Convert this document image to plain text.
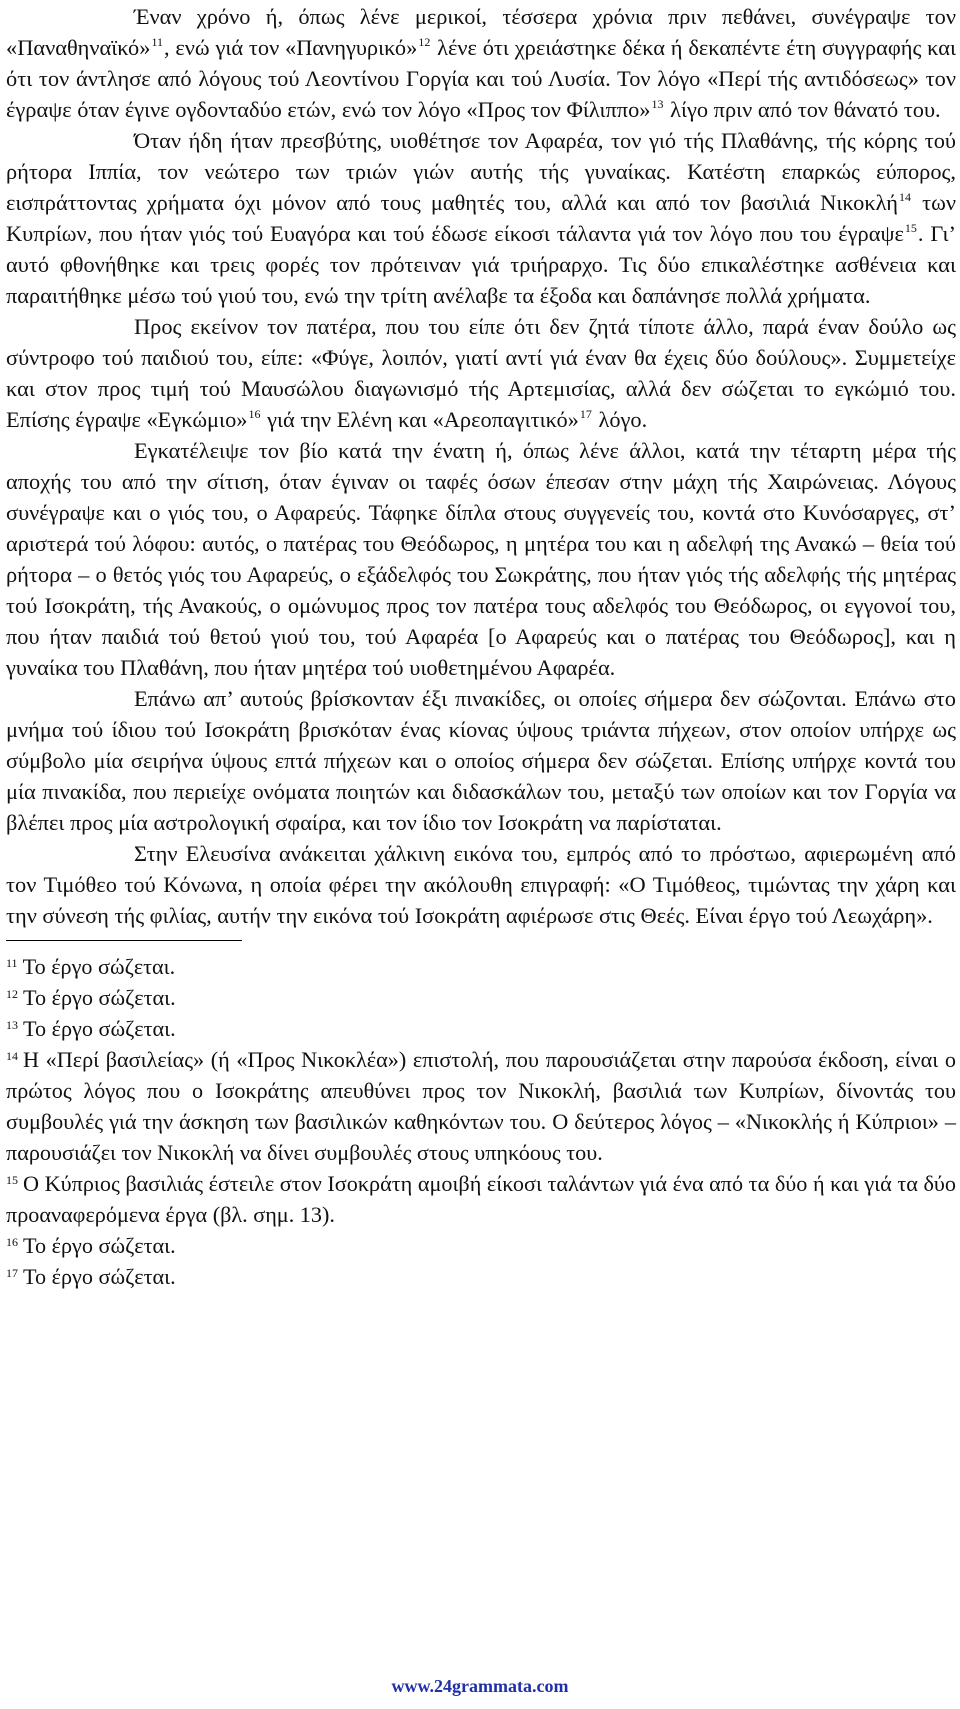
Έναν χρόνο ή, όπως λένε μερικοί, τέσσερα χρόνια πριν πεθάνει, συνέγραψε τον «Παναθηναϊκό»$^{11}$, ενώ γιά τον «Πανηγυρικό»$^{12}$ λένε ότι χρειάστηκε δέκα ή δεκαπέντε έτη συγγραφής και ότι τον άντλησε από λόγους τού Λεοντίνου Γοργία και τού Λυσία. Τον λόγο «Περί τής αντιδόσεως» τον έγραψε όταν έγινε ογδονταδύο ετών, ενώ τον λόγο «Προς τον Φίλιππο»$^{13}$ λίγο πριν από τον θάνατό του.

Όταν ήδη ήταν πρεσβύτης, υιοθέτησε τον Αφαρέα, τον γιό τής Πλαθάνης, τής κόρης τού ρήτορα Ιππία, τον νεώτερο των τριών γιών αυτής τής γυναίκας. Κατέστη επαρκώς εύπορος, εισπράττοντας χρήματα όχι μόνον από τους μαθητές του, αλλά και από τον βασιλιά Νικοκλή$^{14}$ των Κυπρίων, που ήταν γιός τού Ευαγόρα και τού έδωσε είκοσι τάλαντα γιά τον λόγο που του έγραψε$^{15}$. Γι’ αυτό φθονήθηκε και τρεις φορές τον πρότειναν γιά τριήραρχο. Τις δύο επικαλέστηκε ασθένεια και παραιτήθηκε μέσω τού γιού του, ενώ την τρίτη ανέλαβε τα έξοδα και δαπάνησε πολλά χρήματα.

Προς εκείνον τον πατέρα, που του είπε ότι δεν ζητά τίποτε άλλο, παρά έναν δούλο ως σύντροφο τού παιδιού του, είπε: «Φύγε, λοιπόν, γιατί αντί γιά έναν θα έχεις δύο δούλους». Συμμετείχε και στον προς τιμή τού Μαυσώλου διαγωνισμό τής Αρτεμισίας, αλλά δεν σώζεται το εγκώμιό του. Επίσης έγραψε «Εγκώμιο»$^{16}$ γιά την Ελένη και «Αρεοπαγιτικό»$^{17}$ λόγο.

Εγκατέλειψε τον βίο κατά την ένατη ή, όπως λένε άλλοι, κατά την τέταρτη μέρα τής αποχής του από την σίτιση, όταν έγιναν οι ταφές όσων έπεσαν στην μάχη τής Χαιρώνειας. Λόγους συνέγραψε και ο γιός του, ο Αφαρεύς. Τάφηκε δίπλα στους συγγενείς του, κοντά στο Κυνόσαργες, στ’ αριστερά τού λόφου: αυτός, ο πατέρας του Θεόδωρος, η μητέρα του και η αδελφή της Ανακώ – θεία τού ρήτορα – ο θετός γιός του Αφαρεύς, ο εξάδελφός του Σωκράτης, που ήταν γιός τής αδελφής τής μητέρας τού Ισοκράτη, τής Ανακούς, ο ομώνυμος προς τον πατέρα τους αδελφός του Θεόδωρος, οι εγγονοί του, που ήταν παιδιά τού θετού γιού του, τού Αφαρέα [ο Αφαρεύς και ο πατέρας του Θεόδωρος], και η γυναίκα του Πλαθάνη, που ήταν μητέρα τού υιοθετημένου Αφαρέα.

Επάνω απ’ αυτούς βρίσκονταν έξι πινακίδες, οι οποίες σήμερα δεν σώζονται. Επάνω στο μνήμα τού ίδιου τού Ισοκράτη βρισκόταν ένας κίονας ύψους τριάντα πήχεων, στον οποίον υπήρχε ως σύμβολο μία σειρήνα ύψους επτά πήχεων και ο οποίος σήμερα δεν σώζεται. Επίσης υπήρχε κοντά του μία πινακίδα, που περιείχε ονόματα ποιητών και διδασκάλων του, μεταξύ των οποίων και τον Γοργία να βλέπει προς μία αστρολογική σφαίρα, και τον ίδιο τον Ισοκράτη να παρίσταται.

Στην Ελευσίνα ανάκειται χάλκινη εικόνα του, εμπρός από το πρόστωο, αφιερωμένη από τον Τιμόθεο τού Κόνωνα, η οποία φέρει την ακόλουθη επιγραφή: «Ο Τιμόθεος, τιμώντας την χάρη και την σύνεση τής φιλίας, αυτήν την εικόνα τού Ισοκράτη αφιέρωσε στις Θεές. Είναι έργο τού Λεωχάρη».

$^{11}$ Το έργο σώζεται.

$^{12}$ Το έργο σώζεται.

$^{13}$ Το έργο σώζεται.

$^{14}$ Η «Περί βασιλείας» (ή «Προς Νικοκλέα») επιστολή, που παρουσιάζεται στην παρούσα έκδοση, είναι ο πρώτος λόγος που ο Ισοκράτης απευθύνει προς τον Νικοκλή, βασιλιά των Κυπρίων, δίνοντάς του συμβουλές γιά την άσκηση των βασιλικών καθηκόντων του. Ο δεύτερος λόγος – «Νικοκλής ή Κύπριοι» – παρουσιάζει τον Νικοκλή να δίνει συμβουλές στους υπηκόους του.

$^{15}$ Ο Κύπριος βασιλιάς έστειλε στον Ισοκράτη αμοιβή είκοσι ταλάντων γιά ένα από τα δύο ή και γιά τα δύο προαναφερόμενα έργα (βλ. σημ. 13).

$^{16}$ Το έργο σώζεται.

$^{17}$ Το έργο σώζεται.

www.24grammata.com
